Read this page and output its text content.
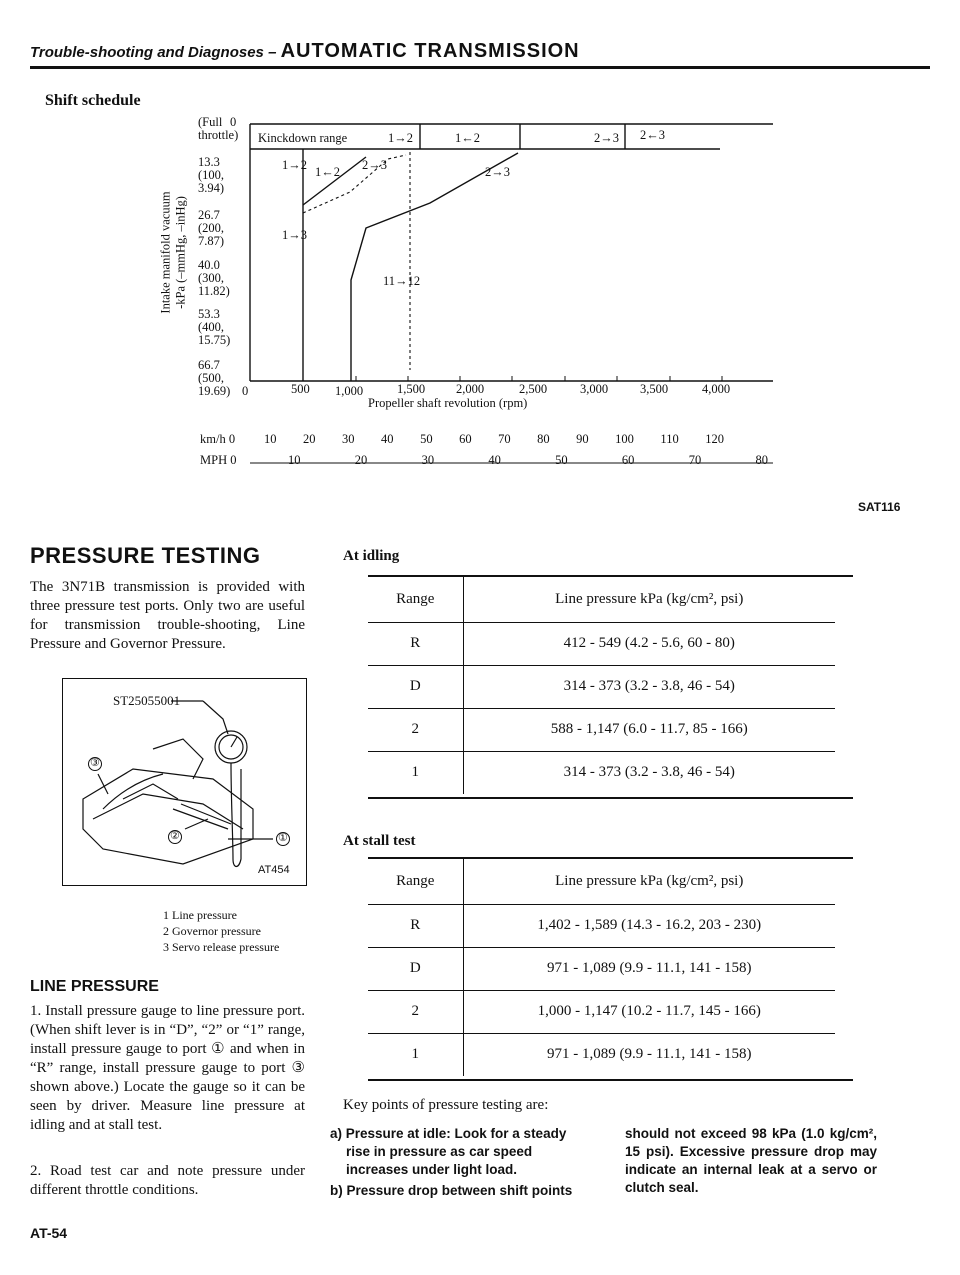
Trouble-shooting and Diagnoses – AUTOMATIC TRANSMISSION
Shift schedule
Intake manifold vacuum -kPa (–mmHg, –inHg)
(Full
throttle)
0
13.3
(100,
3.94)
26.7
(200,
7.87)
40.0
(300,
11.82)
53.3
(400,
15.75)
66.7
(500,
19.69) 0
Kinckdown range	1→2	1←2	2→3 2←3
1→2 1←2 2→3	2→3
1→3
11→12
500 1,000	1,500 2,000	2,500	3,000	3,500	4,000
Propeller shaft revolution (rpm)
km/h 0 10 20 30 40 50 60 70 80 90 100 110 120
MPH 0	10	20	30	40	50	60	70	80
SAT116
PRESSURE TESTING
The 3N71B transmission is provided with three pressure test ports. Only two are useful for transmission trouble-shooting, Line Pressure and Governor Pressure.
ST25055001
③
①
②
AT454
1 Line pressure
2 Governor pressure
3 Servo release pressure
LINE PRESSURE
1. Install pressure gauge to line pressure port. (When shift lever is in “D”, “2” or “1” range, install pressure gauge to port ① and when in “R” range, install pressure gauge to port ③ shown above.) Locate the gauge so it can be seen by driver. Measure line pressure at idling and at stall test.
2. Road test car and note pressure under different throttle conditions.
AT-54
At idling
Range	Line pressure kPa (kg/cm², psi)
R	412 - 549 (4.2 - 5.6, 60 - 80)
D	314 - 373 (3.2 - 3.8, 46 - 54)
2	588 - 1,147 (6.0 - 11.7, 85 - 166)
1	314 - 373 (3.2 - 3.8, 46 - 54)
At stall test
Range	Line pressure kPa (kg/cm², psi)
R	1,402 - 1,589 (14.3 - 16.2, 203 - 230)
D	971 - 1,089 (9.9 - 11.1, 141 - 158)
2	1,000 - 1,147 (10.2 - 11.7, 145 - 166)
1	971 - 1,089 (9.9 - 11.1, 141 - 158)
Key points of pressure testing are:
a) Pressure at idle: Look for a steady rise in pressure as car speed increases under light load.
b) Pressure drop between shift points
should not exceed 98 kPa (1.0 kg/cm², 15 psi). Excessive pressure drop may indicate an internal leak at a servo or clutch seal.
